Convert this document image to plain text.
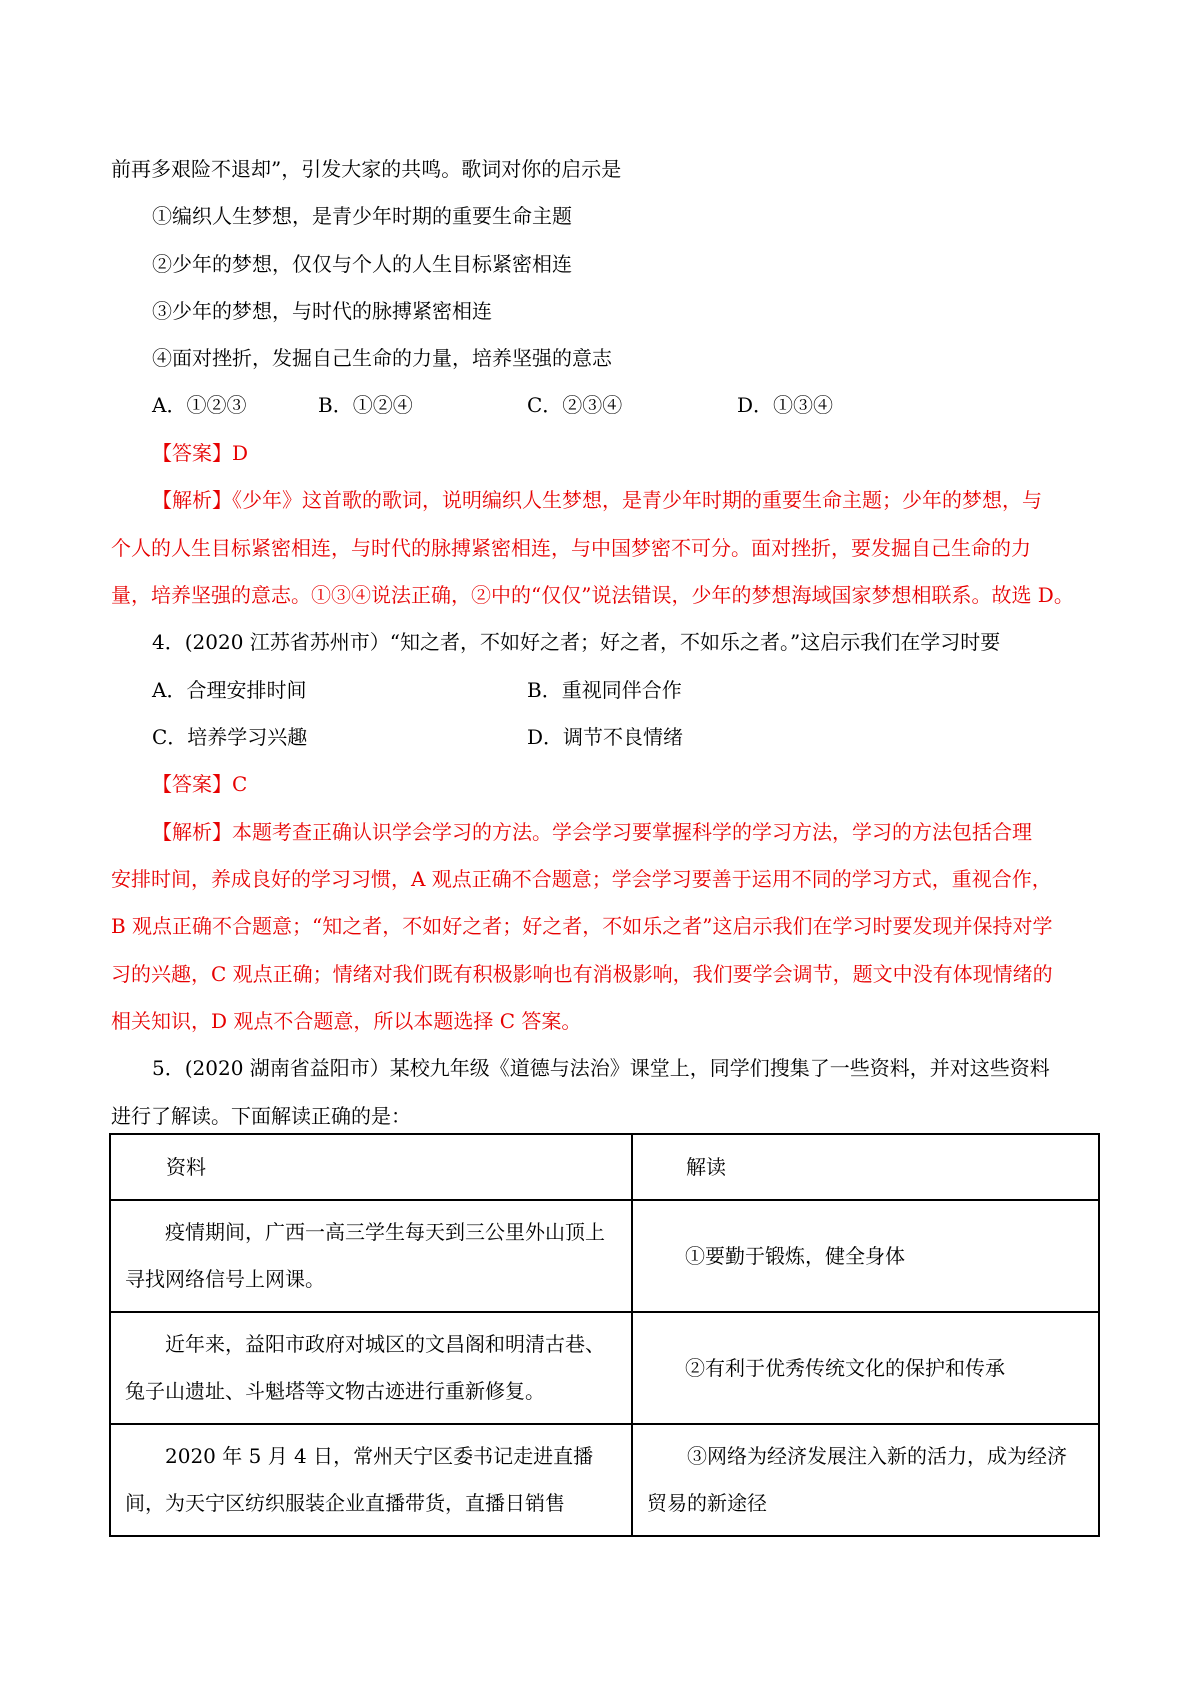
前再多艰险不退却”，引发大家的共鸣。歌词对你的启示是
①编织人生梦想，是青少年时期的重要生命主题
②少年的梦想，仅仅与个人的人生目标紧密相连
③少年的梦想，与时代的脉搏紧密相连
④面对挫折，发掘自己生命的力量，培养坚强的意志
A．①②③	B．①②④	C．②③④	D．①③④
【答案】D
【解析】《少年》这首歌的歌词，说明编织人生梦想，是青少年时期的重要生命主题；少年的梦想，与
个人的人生目标紧密相连，与时代的脉搏紧密相连，与中国梦密不可分。面对挫折，要发掘自己生命的力
量，培养坚强的意志。①③④说法正确，②中的“仅仅”说法错误，少年的梦想海域国家梦想相联系。故选 D。
4．(2020 江苏省苏州市）“知之者，不如好之者；好之者，不如乐之者。”这启示我们在学习时要
A．合理安排时间	B．重视同伴合作
C．培养学习兴趣	D．调节不良情绪
【答案】C
【解析】本题考查正确认识学会学习的方法。学会学习要掌握科学的学习方法，学习的方法包括合理
安排时间，养成良好的学习习惯，A 观点正确不合题意；学会学习要善于运用不同的学习方式，重视合作，
B 观点正确不合题意；“知之者，不如好之者；好之者，不如乐之者”这启示我们在学习时要发现并保持对学
习的兴趣，C 观点正确；情绪对我们既有积极影响也有消极影响，我们要学会调节，题文中没有体现情绪的
相关知识，D 观点不合题意，所以本题选择 C 答案。
5．(2020 湖南省益阳市）某校九年级《道德与法治》课堂上，同学们搜集了一些资料，并对这些资料
进行了解读。下面解读正确的是：
资料	解读

疫情期间，广西一高三学生每天到三公里外山顶上寻找网络信号上网课。	①要勤于锻炼，健全身体

近年来，益阳市政府对城区的文昌阁和明清古巷、兔子山遗址、斗魁塔等文物古迹进行重新修复。	②有利于优秀传统文化的保护和传承

2020 年 5 月 4 日，常州天宁区委书记走进直播间，为天宁区纺织服装企业直播带货，直播日销售	③网络为经济发展注入新的活力，成为经济贸易的新途径
